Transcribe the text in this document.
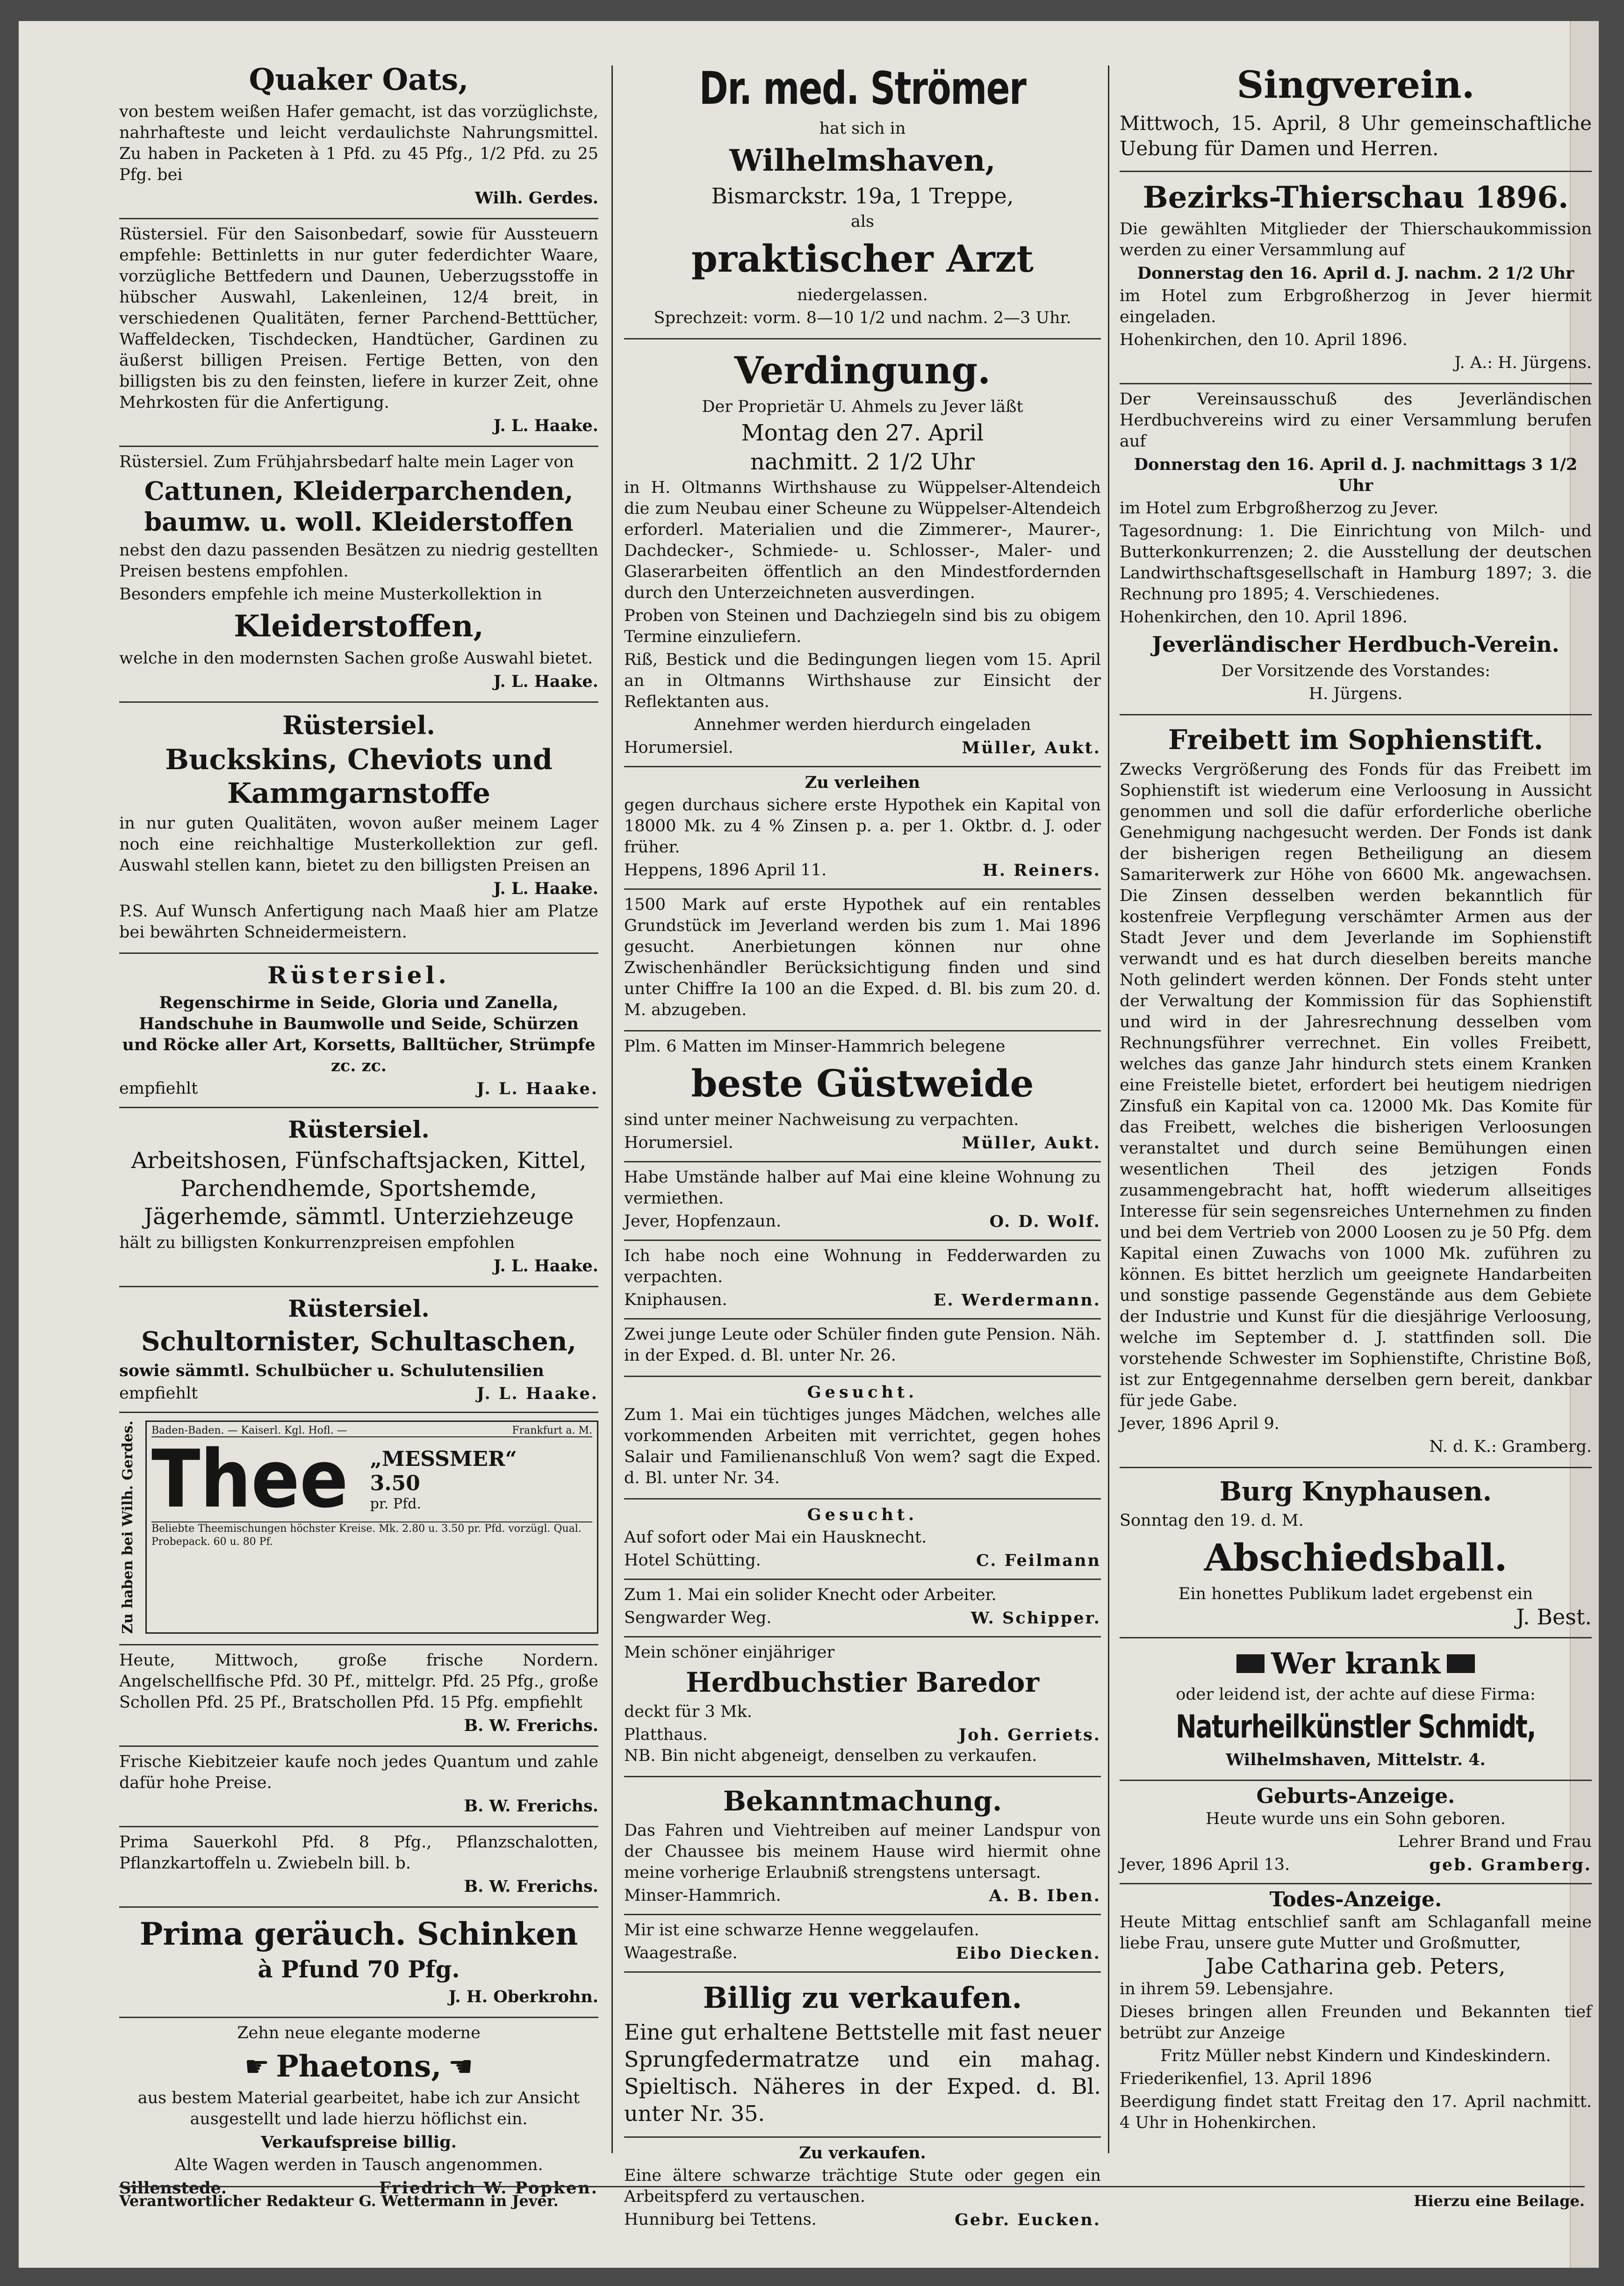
Quaker Oats,

von bestem weißen Hafer gemacht, ist das vorzüglichste, nahrhafteste und leicht verdaulichste Nahrungsmittel. Zu haben in Packeten à 1 Pfd. zu 45 Pfg., 1/2 Pfd. zu 25 Pfg. bei

Wilh. Gerdes.

Rüstersiel. Für den Saisonbedarf, sowie für Aussteuern empfehle: Bettinletts in nur guter federdichter Waare, vorzügliche Bettfedern und Daunen, Ueberzugsstoffe in hübscher Auswahl, Lakenleinen, 12/4 breit, in verschiedenen Qualitäten, ferner Parchend-Betttücher, Waffeldecken, Tischdecken, Handtücher, Gardinen zu äußerst billigen Preisen. Fertige Betten, von den billigsten bis zu den feinsten, liefere in kurzer Zeit, ohne Mehrkosten für die Anfertigung.

J. L. Haake.

Rüstersiel. Zum Frühjahrsbedarf halte mein Lager von

Cattunen, Kleiderparchenden, baumw. u. woll. Kleiderstoffen

nebst den dazu passenden Besätzen zu niedrig gestellten Preisen bestens empfohlen.

Besonders empfehle ich meine Musterkollektion in

Kleiderstoffen,

welche in den modernsten Sachen große Auswahl bietet.

J. L. Haake.

Rüstersiel.
Buckskins, Cheviots und Kammgarnstoffe

in nur guten Qualitäten, wovon außer meinem Lager noch eine reichhaltige Musterkollektion zur gefl. Auswahl stellen kann, bietet zu den billigsten Preisen an

J. L. Haake.

P.S. Auf Wunsch Anfertigung nach Maaß hier am Platze bei bewährten Schneidermeistern.

Rüstersiel.

Regenschirme in Seide, Gloria und Zanella, Handschuhe in Baumwolle und Seide, Schürzen und Röcke aller Art, Korsetts, Balltücher, Strümpfe zc. zc.

empfiehlt	J. L. Haake.
Rüstersiel.

Arbeitshosen, Fünfschaftsjacken, Kittel, Parchendhemde, Sportshemde, Jägerhemde, sämmtl. Unterziehzeuge

hält zu billigsten Konkurrenzpreisen empfohlen

J. L. Haake.

Rüstersiel.
Schultornister, Schultaschen,

sowie sämmtl. Schulbücher u. Schulutensilien

empfiehlt	J. L. Haake.
Zu haben bei Wilh. Gerdes. Baden-Baden. — Kaiserl. Kgl. Hofl. —	Frankfurt a. M.
Thee „MESSMER“
3.50
pr. Pfd.
Beliebte Theemischungen höchster Kreise. Mk. 2.80 u. 3.50 pr. Pfd. vorzügl. Qual. Probepack. 60 u. 80 Pf.

Heute, Mittwoch, große frische Nordern. Angelschellfische Pfd. 30 Pf., mittelgr. Pfd. 25 Pfg., große Schollen Pfd. 25 Pf., Bratschollen Pfd. 15 Pfg. empfiehlt

B. W. Frerichs.

Frische Kiebitzeier kaufe noch jedes Quantum und zahle dafür hohe Preise.

B. W. Frerichs.

Prima Sauerkohl Pfd. 8 Pfg., Pflanzschalotten, Pflanzkartoffeln u. Zwiebeln bill. b.

B. W. Frerichs.

Prima geräuch. Schinken
à Pfund 70 Pfg.

J. H. Oberkrohn.

Zehn neue elegante moderne

☛ Phaetons, ☚

aus bestem Material gearbeitet, habe ich zur Ansicht ausgestellt und lade hierzu höflichst ein.

Verkaufspreise billig.

Alte Wagen werden in Tausch angenommen.

Sillenstede.	Friedrich W. Popken.
Dr. med. Strömer

hat sich in

Wilhelmshaven,

Bismarckstr. 19a, 1 Treppe,

als

praktischer Arzt

niedergelassen.

Sprechzeit: vorm. 8—10 1/2 und nachm. 2—3 Uhr.

Verdingung.

Der Proprietär U. Ahmels zu Jever läßt

Montag den 27. April

nachmitt. 2 1/2 Uhr

in H. Oltmanns Wirthshause zu Wüppelser-Altendeich die zum Neubau einer Scheune zu Wüppelser-Altendeich erforderl. Materialien und die Zimmerer-, Maurer-, Dachdecker-, Schmiede- u. Schlosser-, Maler- und Glaserarbeiten öffentlich an den Mindestfordernden durch den Unterzeichneten ausverdingen.

Proben von Steinen und Dachziegeln sind bis zu obigem Termine einzuliefern.

Riß, Bestick und die Bedingungen liegen vom 15. April an in Oltmanns Wirthshause zur Einsicht der Reflektanten aus.

Annehmer werden hierdurch eingeladen

Horumersiel.	Müller, Aukt.

Zu verleihen

gegen durchaus sichere erste Hypothek ein Kapital von 18000 Mk. zu 4 % Zinsen p. a. per 1. Oktbr. d. J. oder früher.

Heppens, 1896 April 11.	H. Reiners.

1500 Mark auf erste Hypothek auf ein rentables Grundstück im Jeverland werden bis zum 1. Mai 1896 gesucht. Anerbietungen können nur ohne Zwischenhändler Berücksichtigung finden und sind unter Chiffre Ia 100 an die Exped. d. Bl. bis zum 20. d. M. abzugeben.

Plm. 6 Matten im Minser-Hammrich belegene

beste Güstweide

sind unter meiner Nachweisung zu verpachten.

Horumersiel.	Müller, Aukt.

Habe Umstände halber auf Mai eine kleine Wohnung zu vermiethen.

Jever, Hopfenzaun.	O. D. Wolf.

Ich habe noch eine Wohnung in Fedderwarden zu verpachten.

Kniphausen.	E. Werdermann.

Zwei junge Leute oder Schüler finden gute Pension. Näh. in der Exped. d. Bl. unter Nr. 26.

Gesucht.

Zum 1. Mai ein tüchtiges junges Mädchen, welches alle vorkommenden Arbeiten mit verrichtet, gegen hohes Salair und Familienanschluß Von wem? sagt die Exped. d. Bl. unter Nr. 34.

Gesucht.

Auf sofort oder Mai ein Hausknecht.

Hotel Schütting.	C. Feilmann

Zum 1. Mai ein solider Knecht oder Arbeiter.

Sengwarder Weg.	W. Schipper.

Mein schöner einjähriger

Herdbuchstier Baredor

deckt für 3 Mk.

Platthaus.	Joh. Gerriets.

NB. Bin nicht abgeneigt, denselben zu verkaufen.

Bekanntmachung.

Das Fahren und Viehtreiben auf meiner Landspur von der Chaussee bis meinem Hause wird hiermit ohne meine vorherige Erlaubniß strengstens untersagt.

Minser-Hammrich.	A. B. Iben.

Mir ist eine schwarze Henne weggelaufen.

Waagestraße.	Eibo Diecken.
Billig zu verkaufen.

Eine gut erhaltene Bettstelle mit fast neuer Sprungfedermatratze und ein mahag. Spieltisch. Näheres in der Exped. d. Bl. unter Nr. 35.

Zu verkaufen.

Eine ältere schwarze trächtige Stute oder gegen ein Arbeitspferd zu vertauschen.

Hunniburg bei Tettens.	Gebr. Eucken.
Singverein.

Mittwoch, 15. April, 8 Uhr gemeinschaftliche Uebung für Damen und Herren.

Bezirks-Thierschau 1896.

Die gewählten Mitglieder der Thierschaukommission werden zu einer Versammlung auf

Donnerstag den 16. April d. J. nachm. 2 1/2 Uhr

im Hotel zum Erbgroßherzog in Jever hiermit eingeladen.

Hohenkirchen, den 10. April 1896.

J. A.: H. Jürgens.

Der Vereinsausschuß des Jeverländischen Herdbuchvereins wird zu einer Versammlung berufen auf

Donnerstag den 16. April d. J. nachmittags 3 1/2 Uhr

im Hotel zum Erbgroßherzog zu Jever.

Tagesordnung: 1. Die Einrichtung von Milch- und Butterkonkurrenzen; 2. die Ausstellung der deutschen Landwirthschaftsgesellschaft in Hamburg 1897; 3. die Rechnung pro 1895; 4. Verschiedenes.

Hohenkirchen, den 10. April 1896.

Jeverländischer Herdbuch-Verein.

Der Vorsitzende des Vorstandes:

H. Jürgens.

Freibett im Sophienstift.

Zwecks Vergrößerung des Fonds für das Freibett im Sophienstift ist wiederum eine Verloosung in Aussicht genommen und soll die dafür erforderliche oberliche Genehmigung nachgesucht werden. Der Fonds ist dank der bisherigen regen Betheiligung an diesem Samariterwerk zur Höhe von 6600 Mk. angewachsen. Die Zinsen desselben werden bekanntlich für kostenfreie Verpflegung verschämter Armen aus der Stadt Jever und dem Jeverlande im Sophienstift verwandt und es hat durch dieselben bereits manche Noth gelindert werden können. Der Fonds steht unter der Verwaltung der Kommission für das Sophienstift und wird in der Jahresrechnung desselben vom Rechnungsführer verrechnet. Ein volles Freibett, welches das ganze Jahr hindurch stets einem Kranken eine Freistelle bietet, erfordert bei heutigem niedrigen Zinsfuß ein Kapital von ca. 12000 Mk. Das Komite für das Freibett, welches die bisherigen Verloosungen veranstaltet und durch seine Bemühungen einen wesentlichen Theil des jetzigen Fonds zusammengebracht hat, hofft wiederum allseitiges Interesse für sein segensreiches Unternehmen zu finden und bei dem Vertrieb von 2000 Loosen zu je 50 Pfg. dem Kapital einen Zuwachs von 1000 Mk. zuführen zu können. Es bittet herzlich um geeignete Handarbeiten und sonstige passende Gegenstände aus dem Gebiete der Industrie und Kunst für die diesjährige Verloosung, welche im September d. J. stattfinden soll. Die vorstehende Schwester im Sophienstifte, Christine Boß, ist zur Entgegennahme derselben gern bereit, dankbar für jede Gabe.

Jever, 1896 April 9.

N. d. K.: Gramberg.

Burg Knyphausen.

Sonntag den 19. d. M.

Abschiedsball.

Ein honettes Publikum ladet ergebenst ein

J. Best.

Wer krank

oder leidend ist, der achte auf diese Firma:

Naturheilkünstler Schmidt,

Wilhelmshaven, Mittelstr. 4.

Geburts-Anzeige.

Heute wurde uns ein Sohn geboren.

Lehrer Brand und Frau

Jever, 1896 April 13.	geb. Gramberg.

Todes-Anzeige.

Heute Mittag entschlief sanft am Schlaganfall meine liebe Frau, unsere gute Mutter und Großmutter,

Jabe Catharina geb. Peters,

in ihrem 59. Lebensjahre.

Dieses bringen allen Freunden und Bekannten tief betrübt zur Anzeige

Fritz Müller nebst Kindern und Kindeskindern.

Friederikenfiel, 13. April 1896

Beerdigung findet statt Freitag den 17. April nachmitt. 4 Uhr in Hohenkirchen.

Verantwortlicher Redakteur G. Wettermann in Jever.	Hierzu eine Beilage.
